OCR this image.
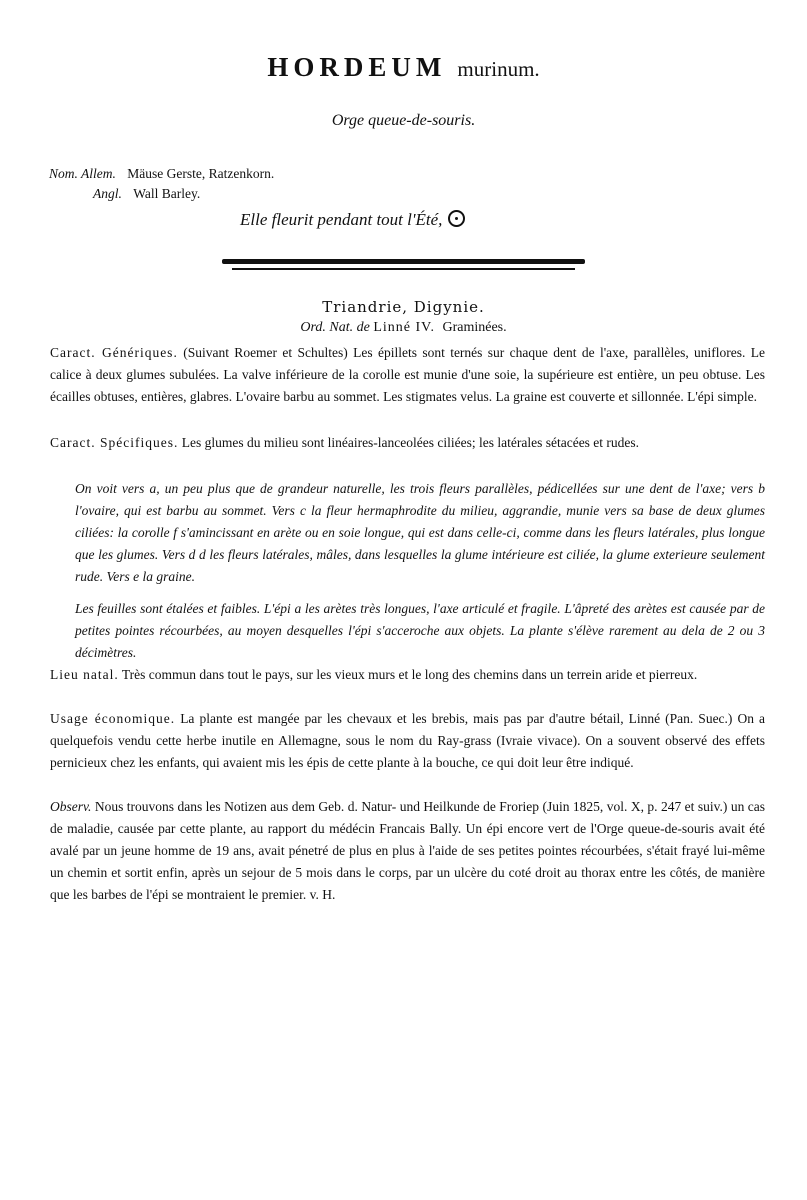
HORDEUM murinum.
Orge queue-de-souris.
Nom. Allem. Mäuse Gerste, Ratzenkorn.
Angl. Wall Barley.
Elle fleurit pendant tout l'Été,
Triandrie, Digynie.
Ord. Nat. de Linné IV. Graminées.

Caract. Génériques. (Suivant Roemer et Schultes) Les épillets sont ternés sur chaque dent de l'axe, parallèles, uniflores. Le calice à deux glumes subulées. La valve inférieure de la corolle est munie d'une soie, la supérieure est entière, un peu obtuse. Les écailles obtuses, entières, glabres. L'ovaire barbu au sommet. Les stigmates velus. La graine est couverte et sillonnée. L'épi simple.

Caract. Spécifiques. Les glumes du milieu sont linéaires-lanceolées ciliées; les latérales sétacées et rudes.

On voit vers a, un peu plus que de grandeur naturelle, les trois fleurs parallèles, pédicellées sur une dent de l'axe; vers b l'ovaire, qui est barbu au sommet. Vers c la fleur hermaphrodite du milieu, aggrandie, munie vers sa base de deux glumes ciliées: la corolle f s'amincissant en arète ou en soie longue, qui est dans celle-ci, comme dans les fleurs latérales, plus longue que les glumes. Vers d d les fleurs latérales, mâles, dans lesquelles la glume intérieure est ciliée, la glume exterieure seulement rude. Vers e la graine.

Les feuilles sont étalées et faibles. L'épi a les arètes très longues, l'axe articulé et fragile. L'âpreté des arètes est causée par de petites pointes récourbées, au moyen desquelles l'épi s'acceroche aux objets. La plante s'élève rarement au dela de 2 ou 3 décimètres.

Lieu natal. Très commun dans tout le pays, sur les vieux murs et le long des chemins dans un terrein aride et pierreux.

Usage économique. La plante est mangée par les chevaux et les brebis, mais pas par d'autre bétail, Linné (Pan. Suec.) On a quelquefois vendu cette herbe inutile en Allemagne, sous le nom du Ray-grass (Ivraie vivace). On a souvent observé des effets pernicieux chez les enfants, qui avaient mis les épis de cette plante à la bouche, ce qui doit leur être indiqué.

Observ. Nous trouvons dans les Notizen aus dem Geb. d. Natur- und Heilkunde de Froriep (Juin 1825, vol. X, p. 247 et suiv.) un cas de maladie, causée par cette plante, au rapport du médécin Francais Bally. Un épi encore vert de l'Orge queue-de-souris avait été avalé par un jeune homme de 19 ans, avait pénetré de plus en plus à l'aide de ses petites pointes récourbées, s'était frayé lui-même un chemin et sortit enfin, après un sejour de 5 mois dans le corps, par un ulcère du coté droit au thorax entre les côtés, de manière que les barbes de l'épi se montraient le premier. v. H.
